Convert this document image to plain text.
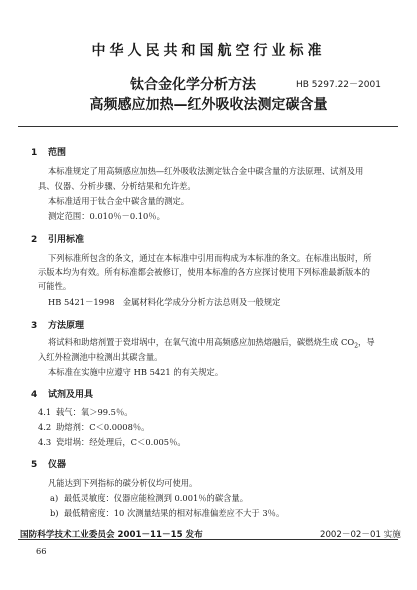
中华人民共和国航空行业标准
钛合金化学分析方法	HB 5297.22－2001
高频感应加热—红外吸收法测定碳含量
1 范围
本标准规定了用高频感应加热—红外吸收法测定钛合金中碳含量的方法原理、试剂及用
具、仪器、分析步骤、分析结果和允许差。
本标准适用于钛合金中碳含量的测定。
测定范围：0.010％－0.10％。
2 引用标准
下列标准所包含的条文，通过在本标准中引用而构成为本标准的条文。在标准出版时，所
示版本均为有效。所有标准都会被修订，使用本标准的各方应探讨使用下列标准最新版本的
可能性。
HB 5421－1998　金属材料化学成分分析方法总则及一般规定
3 方法原理
将试料和助熔剂置于瓷坩埚中，在氧气流中用高频感应加热熔融后，碳燃烧生成 $CO_2$，导
入红外检测池中检测出其碳含量。
本标准在实施中应遵守 HB 5421 的有关规定。
4 试剂及用具
4.1 载气：氧＞99.5％。
4.2 助熔剂：C＜0.0008％。
4.3 瓷坩埚：经处理后，C＜0.005％。
5 仪器
凡能达到下列指标的碳分析仪均可使用。
a) 最低灵敏度：仪器应能检测到 0.001％的碳含量。
b) 最低精密度：10 次测量结果的相对标准偏差应不大于 3％。
国防科学技术工业委员会 2001－11－15 发布	2002－02－01 实施
66
